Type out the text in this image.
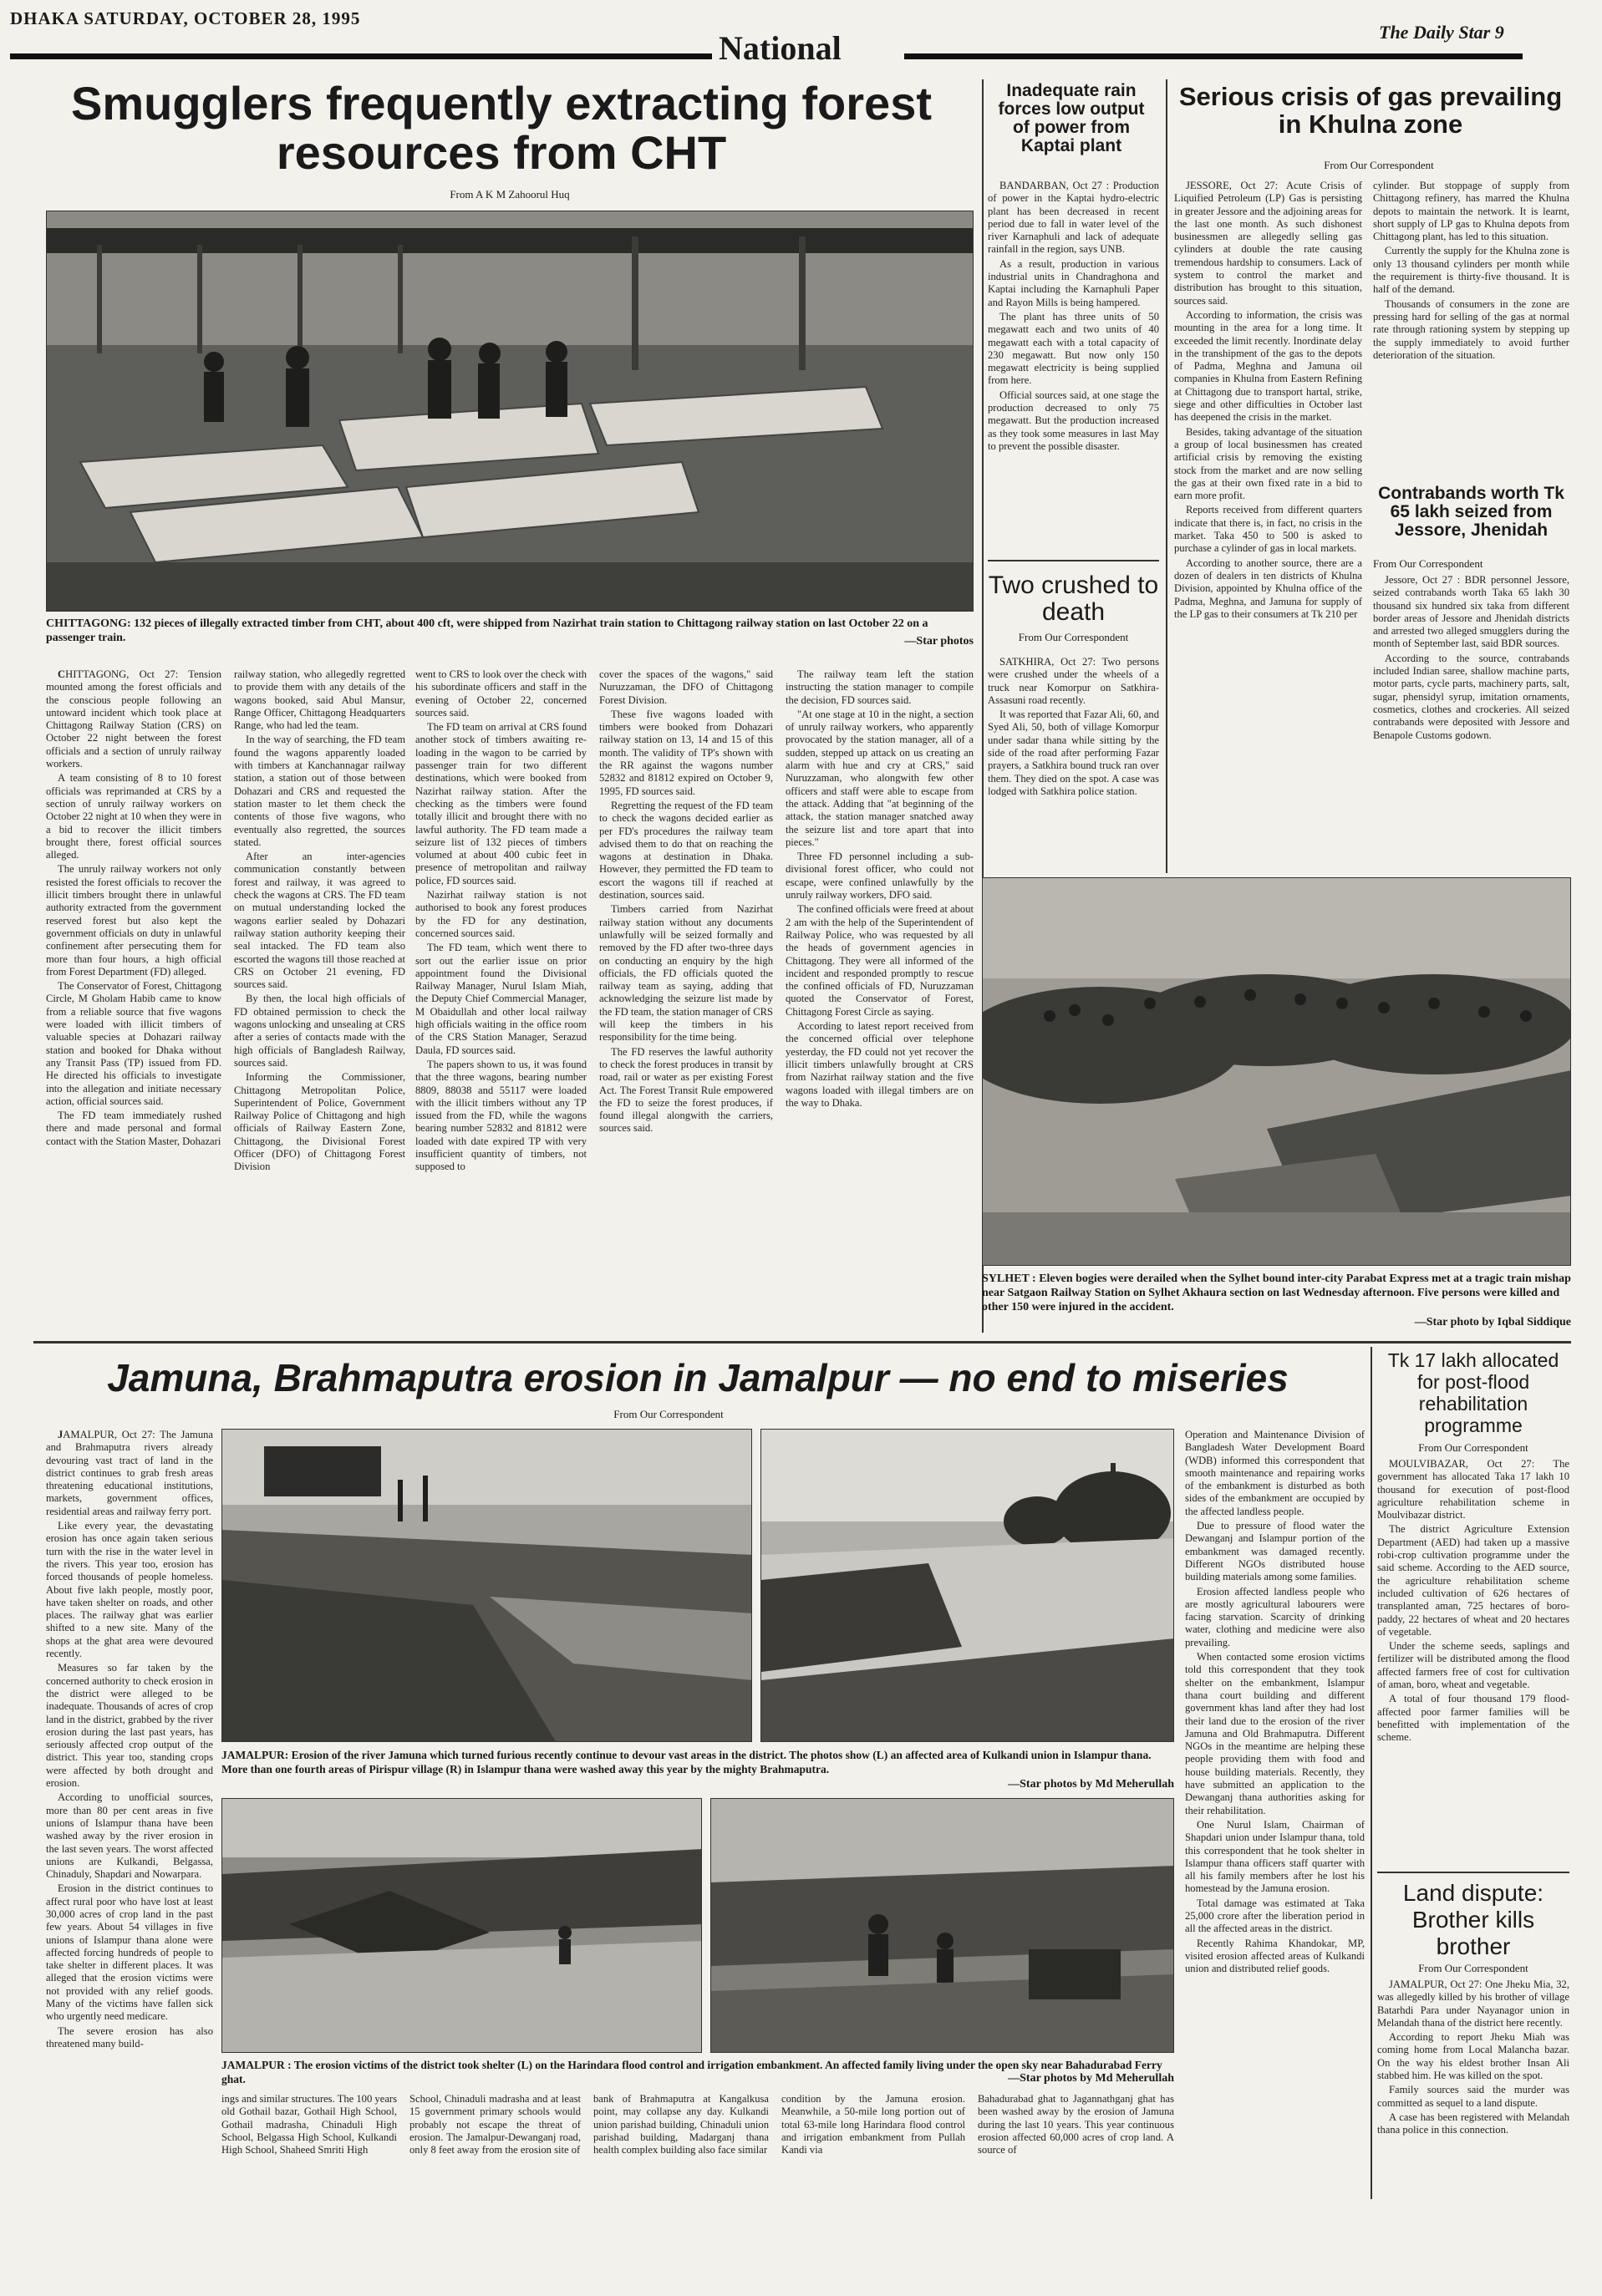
DHAKA SATURDAY, OCTOBER 28, 1995
National	The Daily Star 9
Smugglers frequently extracting forest resources from CHT
From A K M Zahoorul Huq
CHITTAGONG: 132 pieces of illegally extracted timber from CHT, about 400 cft, were shipped from Nazirhat train station to Chittagong railway station on last October 22 on a passenger train.	—Star photos

CHITTAGONG, Oct 27: Tension mounted among the forest officials and the conscious people following an untoward incident which took place at Chittagong Railway Station (CRS) on October 22 night between the forest officials and a section of unruly railway workers.

A team consisting of 8 to 10 forest officials was reprimanded at CRS by a section of unruly railway workers on October 22 night at 10 when they were in a bid to recover the illicit timbers brought there, forest official sources alleged.

The unruly railway workers not only resisted the forest officials to recover the illicit timbers brought there in unlawful authority extracted from the government reserved forest but also kept the government officials on duty in unlawful confinement after persecuting them for more than four hours, a high official from Forest Department (FD) alleged.

The Conservator of Forest, Chittagong Circle, M Gholam Habib came to know from a reliable source that five wagons were loaded with illicit timbers of valuable species at Dohazari railway station and booked for Dhaka without any Transit Pass (TP) issued from FD. He directed his officials to investigate into the allegation and initiate necessary action, official sources said.

The FD team immediately rushed there and made personal and formal contact with the Station Master, Dohazari

railway station, who allegedly regretted to provide them with any details of the wagons booked, said Abul Mansur, Range Officer, Chittagong Headquarters Range, who had led the team.

In the way of searching, the FD team found the wagons apparently loaded with timbers at Kanchannagar railway station, a station out of those between Dohazari and CRS and requested the station master to let them check the contents of those five wagons, who eventually also regretted, the sources stated.

After an inter-agencies communication constantly between forest and railway, it was agreed to check the wagons at CRS. The FD team on mutual understanding locked the wagons earlier sealed by Dohazari railway station authority keeping their seal intacked. The FD team also escorted the wagons till those reached at CRS on October 21 evening, FD sources said.

By then, the local high officials of FD obtained permission to check the wagons unlocking and unsealing at CRS after a series of contacts made with the high officials of Bangladesh Railway, sources said.

Informing the Commissioner, Chittagong Metropolitan Police, Superintendent of Police, Government Railway Police of Chittagong and high officials of Railway Eastern Zone, Chittagong, the Divisional Forest Officer (DFO) of Chittagong Forest Division

went to CRS to look over the check with his subordinate officers and staff in the evening of October 22, concerned sources said.

The FD team on arrival at CRS found another stock of timbers awaiting re-loading in the wagon to be carried by passenger train for two different destinations, which were booked from Nazirhat railway station. After the checking as the timbers were found totally illicit and brought there with no lawful authority. The FD team made a seizure list of 132 pieces of timbers volumed at about 400 cubic feet in presence of metropolitan and railway police, FD sources said.

Nazirhat railway station is not authorised to book any forest produces by the FD for any destination, concerned sources said.

The FD team, which went there to sort out the earlier issue on prior appointment found the Divisional Railway Manager, Nurul Islam Miah, the Deputy Chief Commercial Manager, M Obaidullah and other local railway high officials waiting in the office room of the CRS Station Manager, Serazud Daula, FD sources said.

The papers shown to us, it was found that the three wagons, bearing number 8809, 88038 and 55117 were loaded with the illicit timbers without any TP issued from the FD, while the wagons bearing number 52832 and 81812 were loaded with date expired TP with very insufficient quantity of timbers, not supposed to

cover the spaces of the wagons," said Nuruzzaman, the DFO of Chittagong Forest Division.

These five wagons loaded with timbers were booked from Dohazari railway station on 13, 14 and 15 of this month. The validity of TP's shown with the RR against the wagons number 52832 and 81812 expired on October 9, 1995, FD sources said.

Regretting the request of the FD team to check the wagons decided earlier as per FD's procedures the railway team advised them to do that on reaching the wagons at destination in Dhaka. However, they permitted the FD team to escort the wagons till if reached at destination, sources said.

Timbers carried from Nazirhat railway station without any documents unlawfully will be seized formally and removed by the FD after two-three days on conducting an enquiry by the high officials, the FD officials quoted the railway team as saying, adding that acknowledging the seizure list made by the FD team, the station manager of CRS will keep the timbers in his responsibility for the time being.

The FD reserves the lawful authority to check the forest produces in transit by road, rail or water as per existing Forest Act. The Forest Transit Rule empowered the FD to seize the forest produces, if found illegal alongwith the carriers, sources said.

The railway team left the station instructing the station manager to compile the decision, FD sources said.

"At one stage at 10 in the night, a section of unruly railway workers, who apparently provocated by the station manager, all of a sudden, stepped up attack on us creating an alarm with hue and cry at CRS," said Nuruzzaman, who alongwith few other officers and staff were able to escape from the attack. Adding that "at beginning of the attack, the station manager snatched away the seizure list and tore apart that into pieces."

Three FD personnel including a sub-divisional forest officer, who could not escape, were confined unlawfully by the unruly railway workers, DFO said.

The confined officials were freed at about 2 am with the help of the Superintendent of Railway Police, who was requested by all the heads of government agencies in Chittagong. They were all informed of the incident and responded promptly to rescue the confined officials of FD, Nuruzzaman quoted the Conservator of Forest, Chittagong Forest Circle as saying.

According to latest report received from the concerned official over telephone yesterday, the FD could not yet recover the illicit timbers unlawfully brought at CRS from Nazirhat railway station and the five wagons loaded with illegal timbers are on the way to Dhaka.

Inadequate rain forces low output of power from Kaptai plant

BANDARBAN, Oct 27 : Production of power in the Kaptai hydro-electric plant has been decreased in recent period due to fall in water level of the river Karnaphuli and lack of adequate rainfall in the region, says UNB.

As a result, production in various industrial units in Chandraghona and Kaptai including the Karnaphuli Paper and Rayon Mills is being hampered.

The plant has three units of 50 megawatt each and two units of 40 megawatt each with a total capacity of 230 megawatt. But now only 150 megawatt electricity is being supplied from here.

Official sources said, at one stage the production decreased to only 75 megawatt. But the production increased as they took some measures in last May to prevent the possible disaster.

Two crushed to death
From Our Correspondent

SATKHIRA, Oct 27: Two persons were crushed under the wheels of a truck near Komorpur on Satkhira-Assasuni road recently.

It was reported that Fazar Ali, 60, and Syed Ali, 50, both of village Komorpur under sadar thana while sitting by the side of the road after performing Fazar prayers, a Satkhira bound truck ran over them. They died on the spot. A case was lodged with Satkhira police station.

Serious crisis of gas prevailing in Khulna zone
From Our Correspondent

JESSORE, Oct 27: Acute Crisis of Liquified Petroleum (LP) Gas is persisting in greater Jessore and the adjoining areas for the last one month. As such dishonest businessmen are allegedly selling gas cylinders at double the rate causing tremendous hardship to consumers. Lack of system to control the market and distribution has brought to this situation, sources said.

According to information, the crisis was mounting in the area for a long time. It exceeded the limit recently. Inordinate delay in the transhipment of the gas to the depots of Padma, Meghna and Jamuna oil companies in Khulna from Eastern Refining at Chittagong due to transport hartal, strike, siege and other difficulties in October last has deepened the crisis in the market.

Besides, taking advantage of the situation a group of local businessmen has created artificial crisis by removing the existing stock from the market and are now selling the gas at their own fixed rate in a bid to earn more profit.

Reports received from different quarters indicate that there is, in fact, no crisis in the market. Taka 450 to 500 is asked to purchase a cylinder of gas in local markets.

According to another source, there are a dozen of dealers in ten districts of Khulna Division, appointed by Khulna office of the Padma, Meghna, and Jamuna for supply of the LP gas to their consumers at Tk 210 per

cylinder. But stoppage of supply from Chittagong refinery, has marred the Khulna depots to maintain the network. It is learnt, short supply of LP gas to Khulna depots from Chittagong plant, has led to this situation.

Currently the supply for the Khulna zone is only 13 thousand cylinders per month while the requirement is thirty-five thousand. It is half of the demand.

Thousands of consumers in the zone are pressing hard for selling of the gas at normal rate through rationing system by stepping up the supply immediately to avoid further deterioration of the situation.

Contrabands worth Tk 65 lakh seized from Jessore, Jhenidah
From Our Correspondent

Jessore, Oct 27 : BDR personnel Jessore, seized contrabands worth Taka 65 lakh 30 thousand six hundred six taka from different border areas of Jessore and Jhenidah districts and arrested two alleged smugglers during the month of September last, said BDR sources.

According to the source, contrabands included Indian saree, shallow machine parts, motor parts, cycle parts, machinery parts, salt, sugar, phensidyl syrup, imitation ornaments, cosmetics, clothes and crockeries. All seized contrabands were deposited with Jessore and Benapole Customs godown.

SYLHET : Eleven bogies were derailed when the Sylhet bound inter-city Parabat Express met at a tragic train mishap near Satgaon Railway Station on Sylhet Akhaura section on last Wednesday afternoon. Five persons were killed and other 150 were injured in the accident.
—Star photo by Iqbal Siddique
Jamuna, Brahmaputra erosion in Jamalpur — no end to miseries
From Our Correspondent

JAMALPUR, Oct 27: The Jamuna and Brahmaputra rivers already devouring vast tract of land in the district continues to grab fresh areas threatening educational institutions, markets, government offices, residential areas and railway ferry port.

Like every year, the devastating erosion has once again taken serious turn with the rise in the water level in the rivers. This year too, erosion has forced thousands of people homeless. About five lakh people, mostly poor, have taken shelter on roads, and other places. The railway ghat was earlier shifted to a new site. Many of the shops at the ghat area were devoured recently.

Measures so far taken by the concerned authority to check erosion in the district were alleged to be inadequate. Thousands of acres of crop land in the district, grabbed by the river erosion during the last past years, has seriously affected crop output of the district. This year too, standing crops were affected by both drought and erosion.

According to unofficial sources, more than 80 per cent areas in five unions of Islampur thana have been washed away by the river erosion in the last seven years. The worst affected unions are Kulkandi, Belgassa, Chinaduly, Shapdari and Nowarpara.

Erosion in the district continues to affect rural poor who have lost at least 30,000 acres of crop land in the past few years. About 54 villages in five unions of Islampur thana alone were affected forcing hundreds of people to take shelter in different places. It was alleged that the erosion victims were not provided with any relief goods. Many of the victims have fallen sick who urgently need medicare.

The severe erosion has also threatened many build-

JAMALPUR: Erosion of the river Jamuna which turned furious recently continue to devour vast areas in the district. The photos show (L) an affected area of Kulkandi union in Islampur thana. More than one fourth areas of Pirispur village (R) in Islampur thana were washed away this year by the mighty Brahmaputra.
—Star photos by Md Meherullah
JAMALPUR : The erosion victims of the district took shelter (L) on the Harindara flood control and irrigation embankment. An affected family living under the open sky near Bahadurabad Ferry ghat.	—Star photos by Md Meherullah

ings and similar structures. The 100 years old Gothail bazar, Gothail High School, Gothail madrasha, Chinaduli High School, Belgassa High School, Kulkandi High School, Shaheed Smriti High

School, Chinaduli madrasha and at least 15 government primary schools would probably not escape the threat of erosion. The Jamalpur-Dewanganj road, only 8 feet away from the erosion site of

bank of Brahmaputra at Kangalkusa point, may collapse any day. Kulkandi union parishad building, Chinaduli union parishad building, Madarganj thana health complex building also face similar

condition by the Jamuna erosion. Meanwhile, a 50-mile long portion out of total 63-mile long Harindara flood control and irrigation embankment from Pullah Kandi via

Bahadurabad ghat to Jagannathganj ghat has been washed away by the erosion of Jamuna during the last 10 years. This year continuous erosion affected 60,000 acres of crop land. A source of

Operation and Maintenance Division of Bangladesh Water Development Board (WDB) informed this correspondent that smooth maintenance and repairing works of the embankment is disturbed as both sides of the embankment are occupied by the affected landless people.

Due to pressure of flood water the Dewanganj and Islampur portion of the embankment was damaged recently. Different NGOs distributed house building materials among some families.

Erosion affected landless people who are mostly agricultural labourers were facing starvation. Scarcity of drinking water, clothing and medicine were also prevailing.

When contacted some erosion victims told this correspondent that they took shelter on the embankment, Islampur thana court building and different government khas land after they had lost their land due to the erosion of the river Jamuna and Old Brahmaputra. Different NGOs in the meantime are helping these people providing them with food and house building materials. Recently, they have submitted an application to the Dewanganj thana authorities asking for their rehabilitation.

One Nurul Islam, Chairman of Shapdari union under Islampur thana, told this correspondent that he took shelter in Islampur thana officers staff quarter with all his family members after he lost his homestead by the Jamuna erosion.

Total damage was estimated at Taka 25,000 crore after the liberation period in all the affected areas in the district.

Recently Rahima Khandokar, MP, visited erosion affected areas of Kulkandi union and distributed relief goods.

Tk 17 lakh allocated for post-flood rehabilitation programme
From Our Correspondent

MOULVIBAZAR, Oct 27: The government has allocated Taka 17 lakh 10 thousand for execution of post-flood agriculture rehabilitation scheme in Moulvibazar district.

The district Agriculture Extension Department (AED) had taken up a massive robi-crop cultivation programme under the said scheme. According to the AED source, the agriculture rehabilitation scheme included cultivation of 626 hectares of transplanted aman, 725 hectares of boro-paddy, 22 hectares of wheat and 20 hectares of vegetable.

Under the scheme seeds, saplings and fertilizer will be distributed among the flood affected farmers free of cost for cultivation of aman, boro, wheat and vegetable.

A total of four thousand 179 flood-affected poor farmer families will be benefitted with implementation of the scheme.

Land dispute: Brother kills brother
From Our Correspondent

JAMALPUR, Oct 27: One Jheku Mia, 32, was allegedly killed by his brother of village Batarhdi Para under Nayanagor union in Melandah thana of the district here recently.

According to report Jheku Miah was coming home from Local Malancha bazar. On the way his eldest brother Insan Ali stabbed him. He was killed on the spot.

Family sources said the murder was committed as sequel to a land dispute.

A case has been registered with Melandah thana police in this connection.
